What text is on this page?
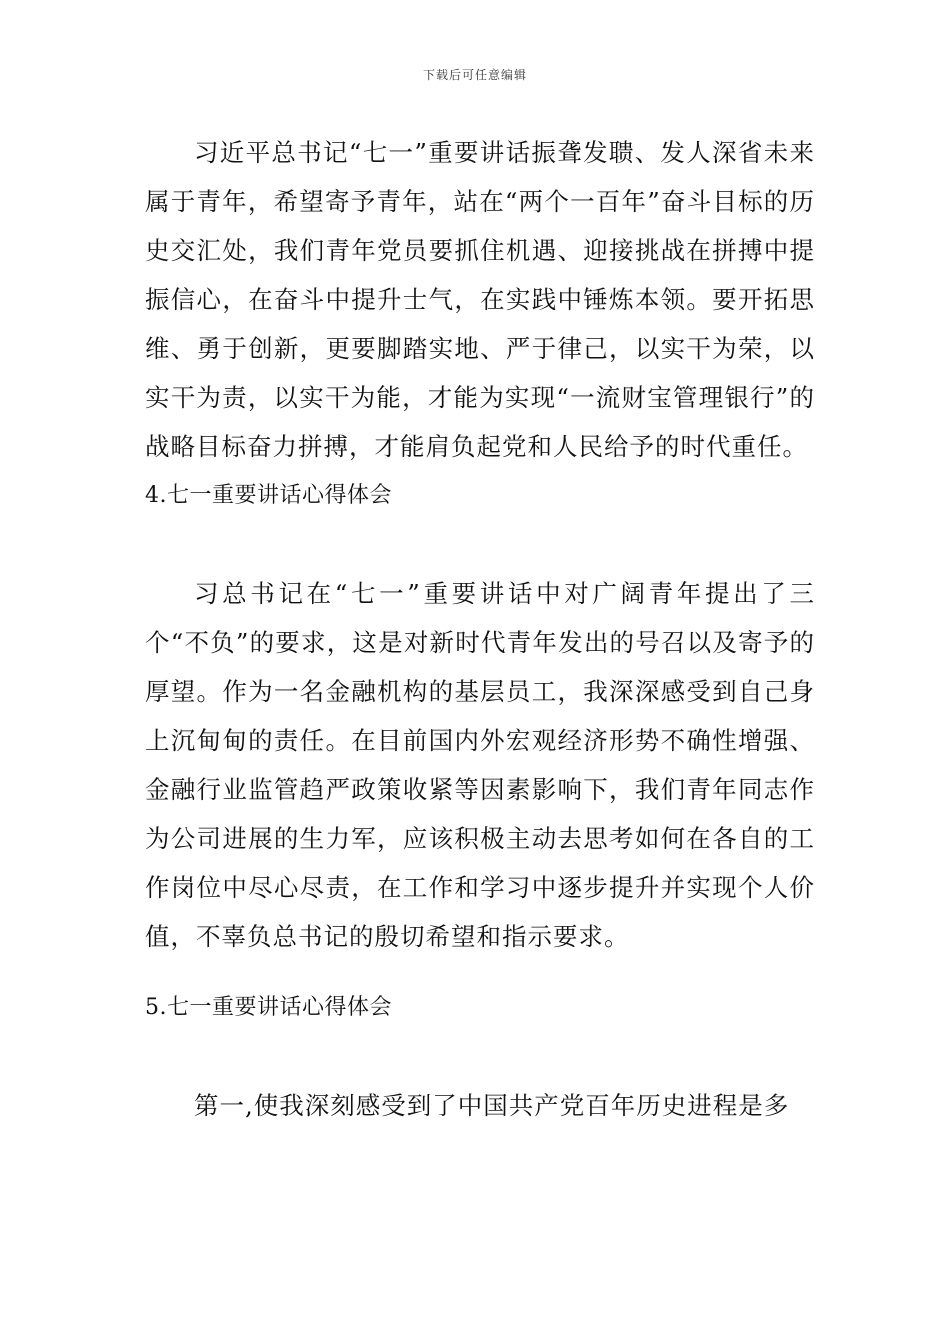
下载后可任意编辑

习近平总书记“七一”重要讲话振聋发聩、发人深省未来属于青年，希望寄予青年，站在“两个一百年”奋斗目标的历史交汇处，我们青年党员要抓住机遇、迎接挑战在拼搏中提振信心，在奋斗中提升士气，在实践中锤炼本领。要开拓思维、勇于创新，更要脚踏实地、严于律己，以实干为荣，以实干为责，以实干为能，才能为实现“一流财宝管理银行”的战略目标奋力拼搏，才能肩负起党和人民给予的时代重任。

4.七一重要讲话心得体会

习总书记在“七一”重要讲话中对广阔青年提出了三个“不负”的要求，这是对新时代青年发出的号召以及寄予的厚望。作为一名金融机构的基层员工，我深深感受到自己身上沉甸甸的责任。在目前国内外宏观经济形势不确性增强、金融行业监管趋严政策收紧等因素影响下，我们青年同志作为公司进展的生力军，应该积极主动去思考如何在各自的工作岗位中尽心尽责，在工作和学习中逐步提升并实现个人价值，不辜负总书记的殷切希望和指示要求。

5.七一重要讲话心得体会

第一,使我深刻感受到了中国共产党百年历史进程是多
